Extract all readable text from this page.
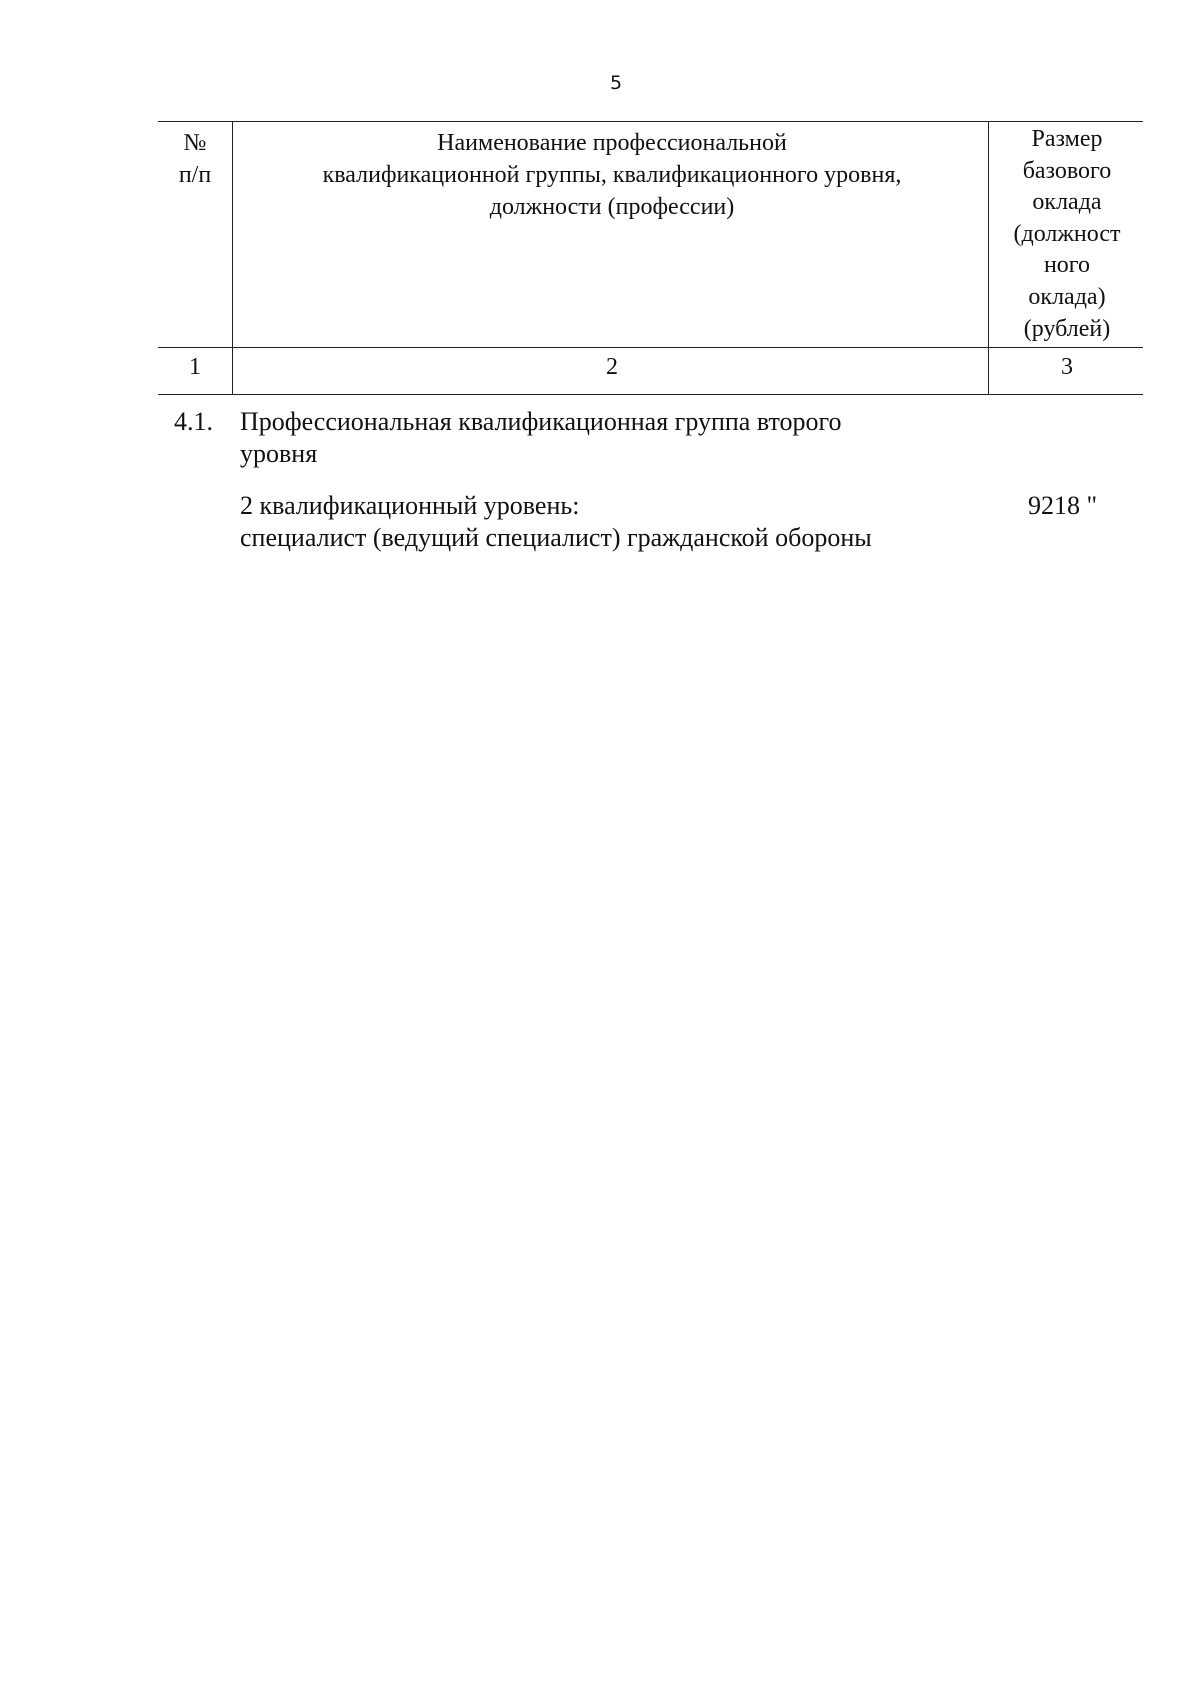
5
№
п/п
Наименование профессиональной
квалификационной группы, квалификационного уровня,
должности (профессии)
Размер
базового
оклада
(должност
ного
оклада)
(рублей)
1	2	3
4.1. Профессиональная квалификационная группа второго
уровня
2 квалификационный уровень:
специалист (ведущий специалист) гражданской обороны
9218 "
